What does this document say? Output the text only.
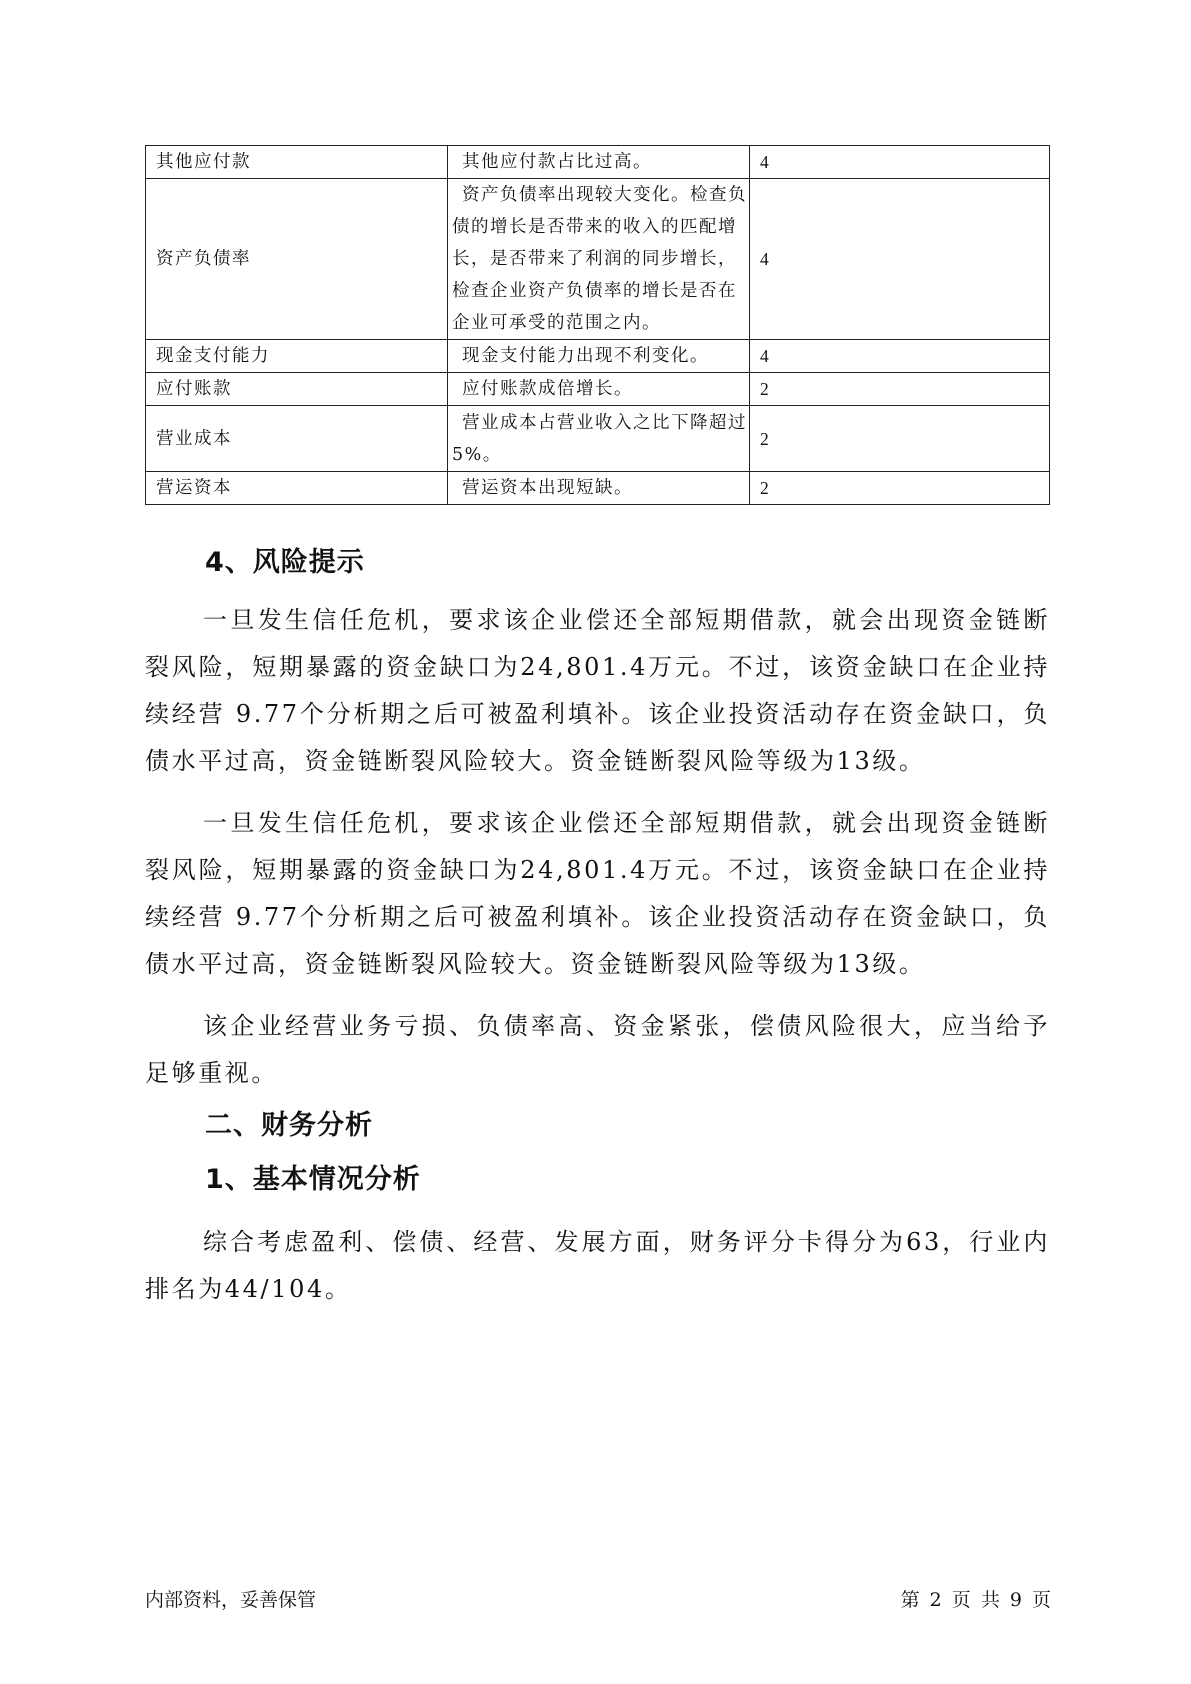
其他应付款	其他应付款占比过高。	4
资产负债率	资产负债率出现较大变化。检查负债的增长是否带来的收入的匹配增长，是否带来了利润的同步增长，检查企业资产负债率的增长是否在企业可承受的范围之内。	4
现金支付能力	现金支付能力出现不利变化。	4
应付账款	应付账款成倍增长。	2
营业成本	营业成本占营业收入之比下降超过5%。	2
营运资本	营运资本出现短缺。	2
4、风险提示

一旦发生信任危机，要求该企业偿还全部短期借款，就会出现资金链断裂风险，短期暴露的资金缺口为24,801.4万元。不过，该资金缺口在企业持续经营 9.77个分析期之后可被盈利填补。该企业投资活动存在资金缺口，负债水平过高，资金链断裂风险较大。资金链断裂风险等级为13级。

一旦发生信任危机，要求该企业偿还全部短期借款，就会出现资金链断裂风险，短期暴露的资金缺口为24,801.4万元。不过，该资金缺口在企业持续经营 9.77个分析期之后可被盈利填补。该企业投资活动存在资金缺口，负债水平过高，资金链断裂风险较大。资金链断裂风险等级为13级。

该企业经营业务亏损、负债率高、资金紧张，偿债风险很大，应当给予足够重视。

二、财务分析
1、基本情况分析

综合考虑盈利、偿债、经营、发展方面，财务评分卡得分为63，行业内排名为44/104。

内部资料，妥善保管	第 2 页 共 9 页
